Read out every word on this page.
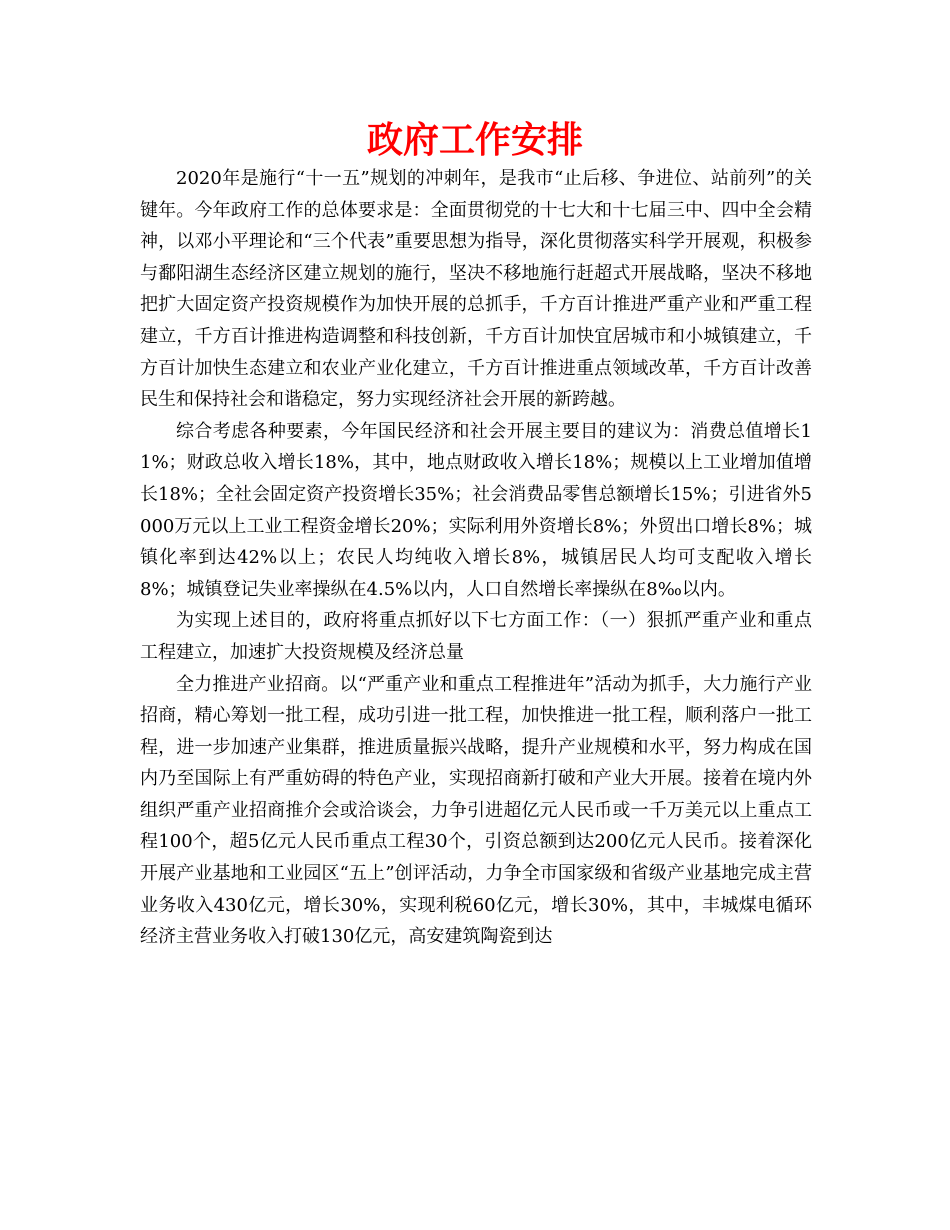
政府工作安排

2020年是施行“十一五”规划的冲刺年，是我市“止后移、争进位、站前列”的关键年。今年政府工作的总体要求是：全面贯彻党的十七大和十七届三中、四中全会精神，以邓小平理论和“三个代表”重要思想为指导，深化贯彻落实科学开展观，积极参与鄱阳湖生态经济区建立规划的施行，坚决不移地施行赶超式开展战略，坚决不移地把扩大固定资产投资规模作为加快开展的总抓手，千方百计推进严重产业和严重工程建立，千方百计推进构造调整和科技创新，千方百计加快宜居城市和小城镇建立，千方百计加快生态建立和农业产业化建立，千方百计推进重点领域改革，千方百计改善民生和保持社会和谐稳定，努力实现经济社会开展的新跨越。

综合考虑各种要素，今年国民经济和社会开展主要目的建议为：消费总值增长11%；财政总收入增长18%，其中，地点财政收入增长18%；规模以上工业增加值增长18%；全社会固定资产投资增长35%；社会消费品零售总额增长15%；引进省外5000万元以上工业工程资金增长20%；实际利用外资增长8%；外贸出口增长8%；城镇化率到达42%以上；农民人均纯收入增长8%，城镇居民人均可支配收入增长8%；城镇登记失业率操纵在4.5%以内，人口自然增长率操纵在8‰以内。

为实现上述目的，政府将重点抓好以下七方面工作：（一）狠抓严重产业和重点工程建立，加速扩大投资规模及经济总量

全力推进产业招商。以“严重产业和重点工程推进年”活动为抓手，大力施行产业招商，精心筹划一批工程，成功引进一批工程，加快推进一批工程，顺利落户一批工程，进一步加速产业集群，推进质量振兴战略，提升产业规模和水平，努力构成在国内乃至国际上有严重妨碍的特色产业，实现招商新打破和产业大开展。接着在境内外组织严重产业招商推介会或洽谈会，力争引进超亿元人民币或一千万美元以上重点工程100个，超5亿元人民币重点工程30个，引资总额到达200亿元人民币。接着深化开展产业基地和工业园区“五上”创评活动，力争全市国家级和省级产业基地完成主营业务收入430亿元，增长30%，实现利税60亿元，增长30%，其中，丰城煤电循环经济主营业务收入打破130亿元，高安建筑陶瓷到达
